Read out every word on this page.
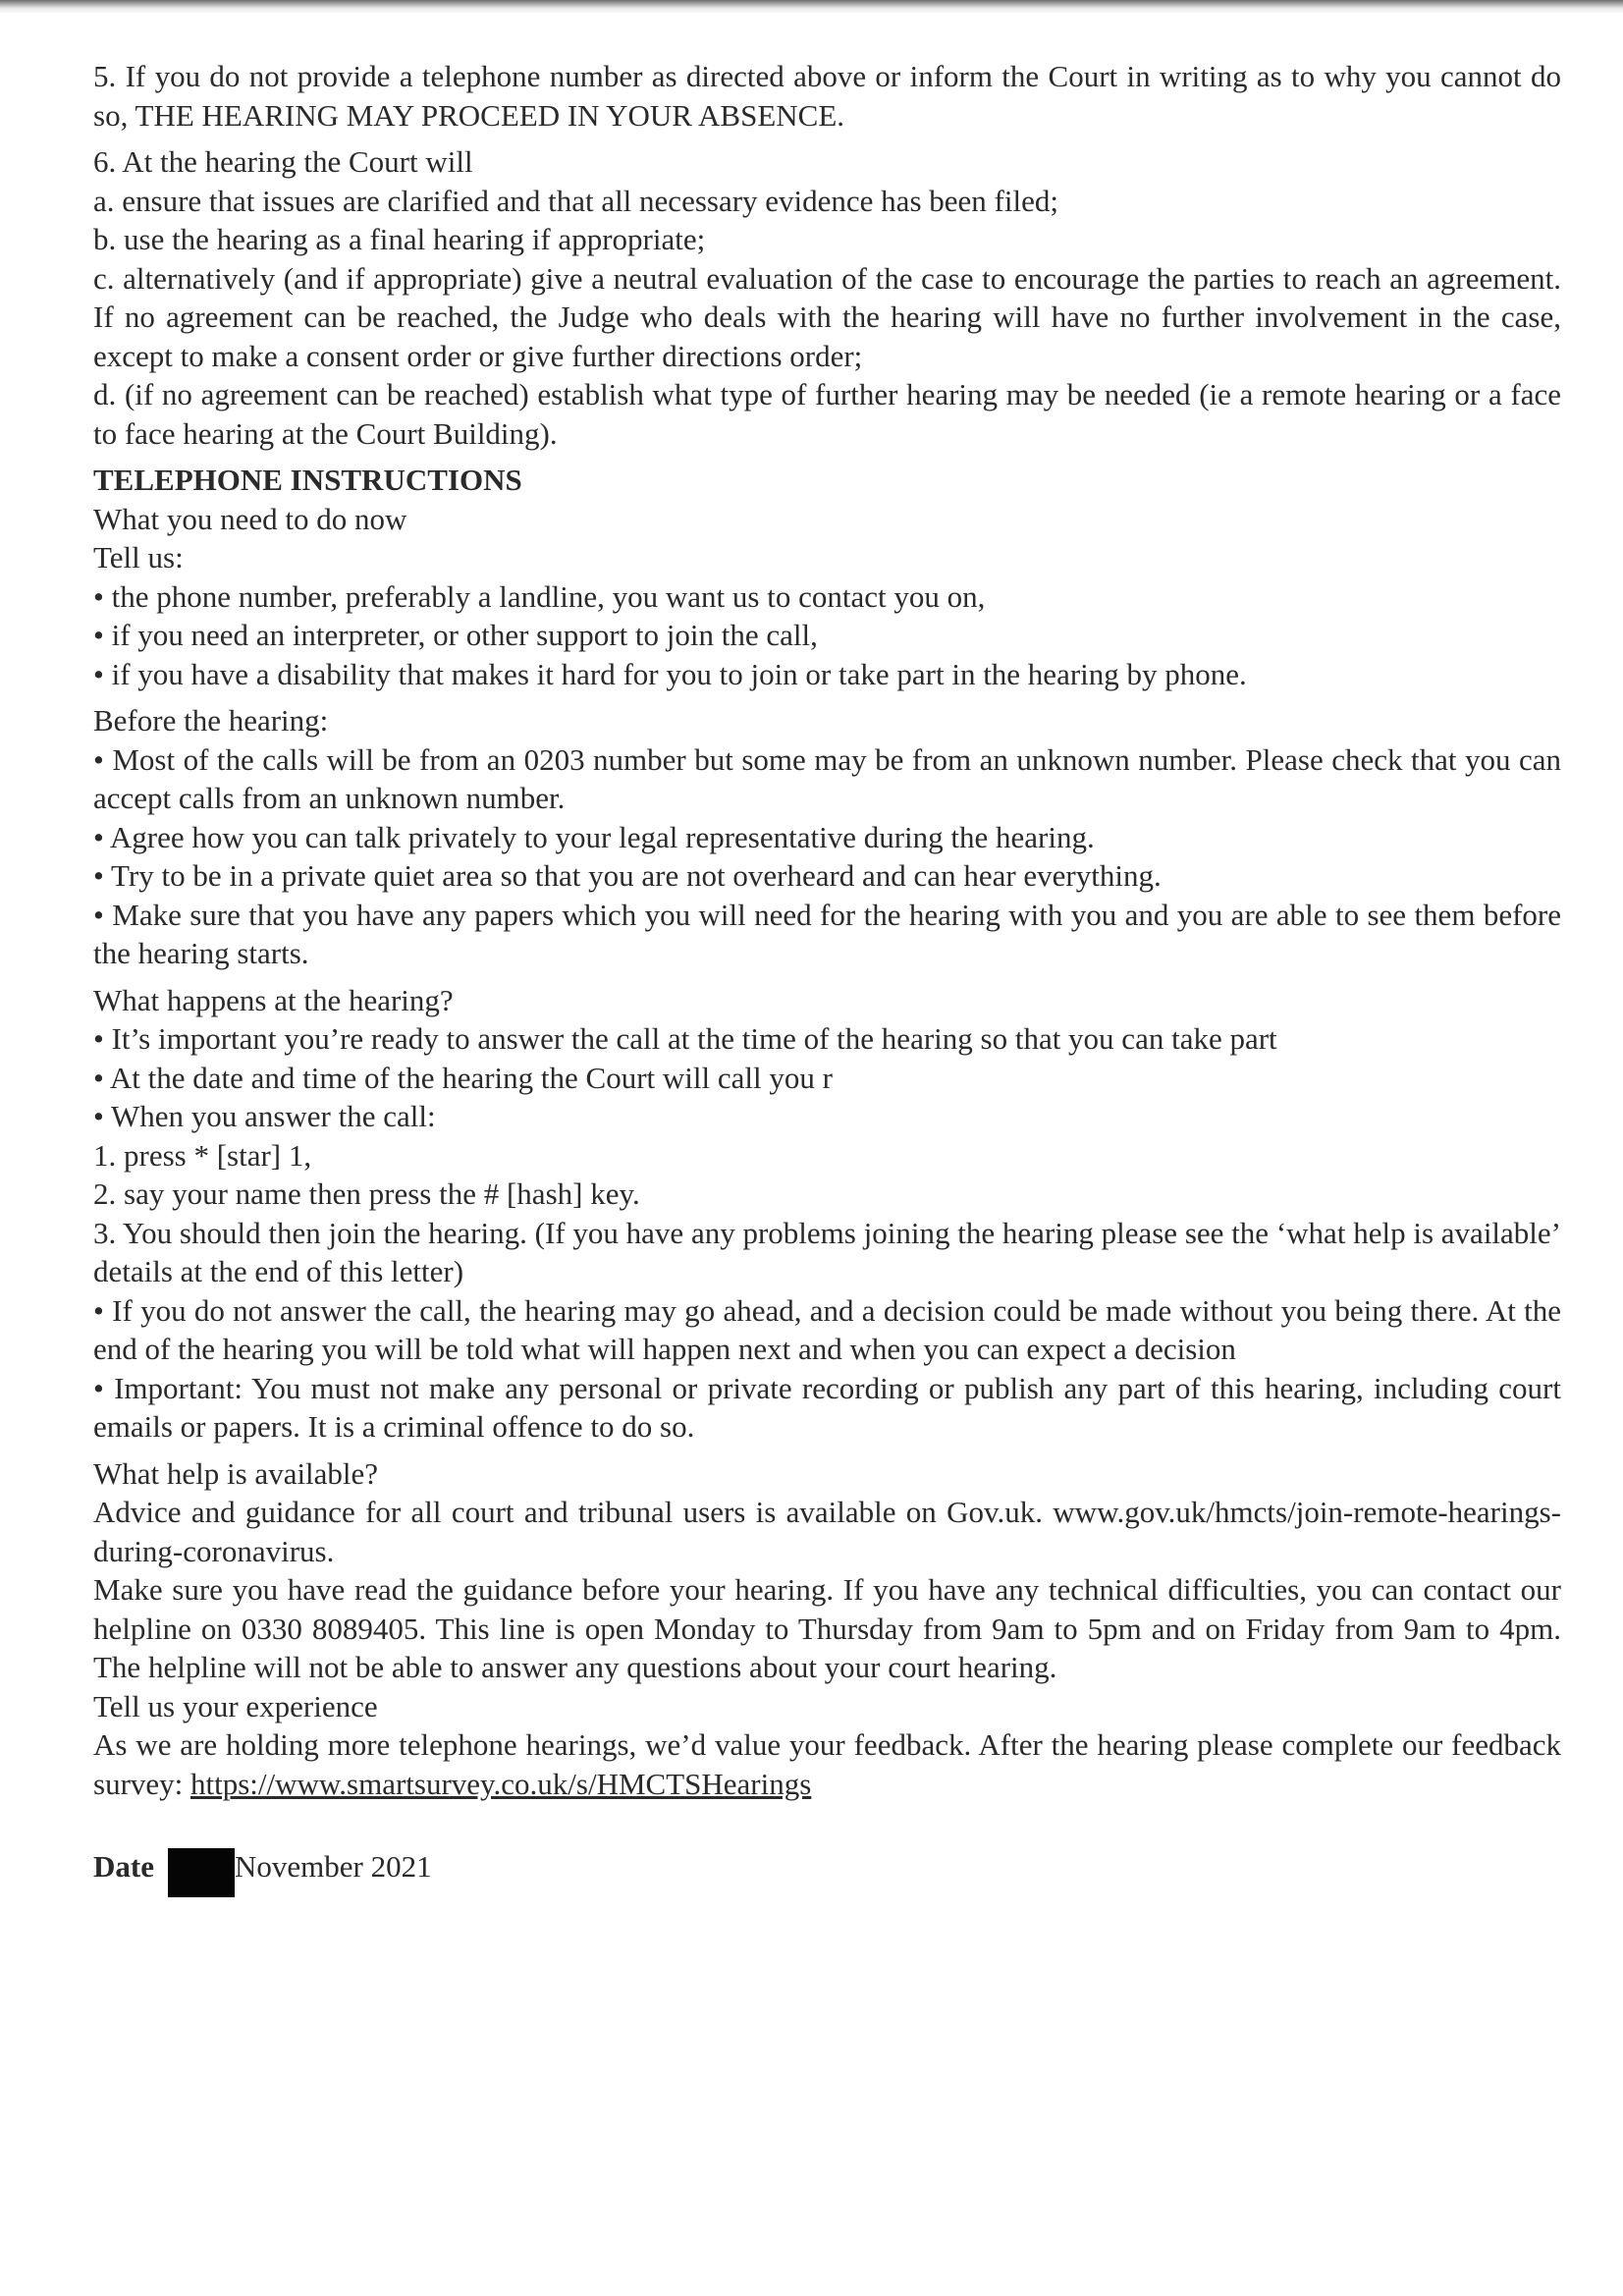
5. If you do not provide a telephone number as directed above or inform the Court in writing as to why you cannot do so, THE HEARING MAY PROCEED IN YOUR ABSENCE.

6. At the hearing the Court will

a. ensure that issues are clarified and that all necessary evidence has been filed;

b. use the hearing as a final hearing if appropriate;

c. alternatively (and if appropriate) give a neutral evaluation of the case to encourage the parties to reach an agreement. If no agreement can be reached, the Judge who deals with the hearing will have no further involvement in the case, except to make a consent order or give further directions order;

d. (if no agreement can be reached) establish what type of further hearing may be needed (ie a remote hearing or a face to face hearing at the Court Building).

TELEPHONE INSTRUCTIONS

What you need to do now

Tell us:

• the phone number, preferably a landline, you want us to contact you on,

• if you need an interpreter, or other support to join the call,

• if you have a disability that makes it hard for you to join or take part in the hearing by phone.

Before the hearing:

• Most of the calls will be from an 0203 number but some may be from an unknown number. Please check that you can accept calls from an unknown number.

• Agree how you can talk privately to your legal representative during the hearing.

• Try to be in a private quiet area so that you are not overheard and can hear everything.

• Make sure that you have any papers which you will need for the hearing with you and you are able to see them before the hearing starts.

What happens at the hearing?

• It’s important you’re ready to answer the call at the time of the hearing so that you can take part

• At the date and time of the hearing the Court will call you r

• When you answer the call:

1. press * [star] 1,

2. say your name then press the # [hash] key.

3. You should then join the hearing. (If you have any problems joining the hearing please see the ‘what help is available’ details at the end of this letter)

• If you do not answer the call, the hearing may go ahead, and a decision could be made without you being there. At the end of the hearing you will be told what will happen next and when you can expect a decision

• Important: You must not make any personal or private recording or publish any part of this hearing, including court emails or papers. It is a criminal offence to do so.

What help is available?

Advice and guidance for all court and tribunal users is available on Gov.uk. www.gov.uk/hmcts/join-remote-hearings-during-coronavirus.

Make sure you have read the guidance before your hearing. If you have any technical difficulties, you can contact our helpline on 0330 8089405. This line is open Monday to Thursday from 9am to 5pm and on Friday from 9am to 4pm. The helpline will not be able to answer any questions about your court hearing.

Tell us your experience

As we are holding more telephone hearings, we’d value your feedback. After the hearing please complete our feedback survey: https://www.smartsurvey.co.uk/s/HMCTSHearings

Date	November 2021
